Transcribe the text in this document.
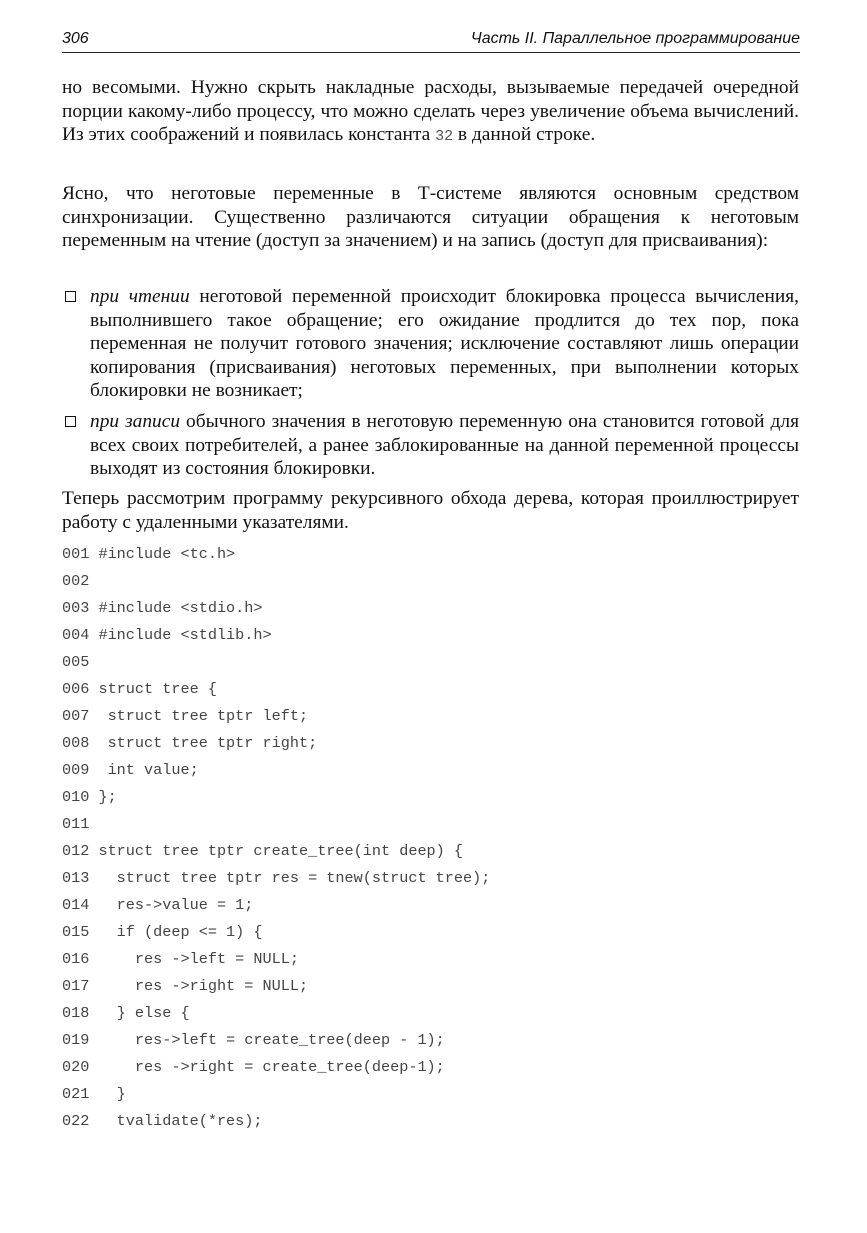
306	Часть II. Параллельное программирование
но весомыми. Нужно скрыть накладные расходы, вызываемые передачей очередной порции какому-либо процессу, что можно сделать через увеличение объема вычислений. Из этих соображений и появилась константа 32 в данной строке.
Ясно, что неготовые переменные в Т-системе являются основным средством синхронизации. Существенно различаются ситуации обращения к неготовым переменным на чтение (доступ за значением) и на запись (доступ для присваивания):
при чтении неготовой переменной происходит блокировка процесса вычисления, выполнившего такое обращение; его ожидание продлится до тех пор, пока переменная не получит готового значения; исключение составляют лишь операции копирования (присваивания) неготовых переменных, при выполнении которых блокировки не возникает;
при записи обычного значения в неготовую переменную она становится готовой для всех своих потребителей, а ранее заблокированные на данной переменной процессы выходят из состояния блокировки.
Теперь рассмотрим программу рекурсивного обхода дерева, которая проиллюстрирует работу с удаленными указателями.
001 #include <tc.h>
002
003 #include <stdio.h>
004 #include <stdlib.h>
005
006 struct tree {
007  struct tree tptr left;
008  struct tree tptr right;
009  int value;
010 };
011
012 struct tree tptr create_tree(int deep) {
013   struct tree tptr res = tnew(struct tree);
014   res->value = 1;
015   if (deep <= 1) {
016     res ->left = NULL;
017     res ->right = NULL;
018   } else {
019     res->left = create_tree(deep - 1);
020     res ->right = create_tree(deep-1);
021   }
022   tvalidate(*res);
